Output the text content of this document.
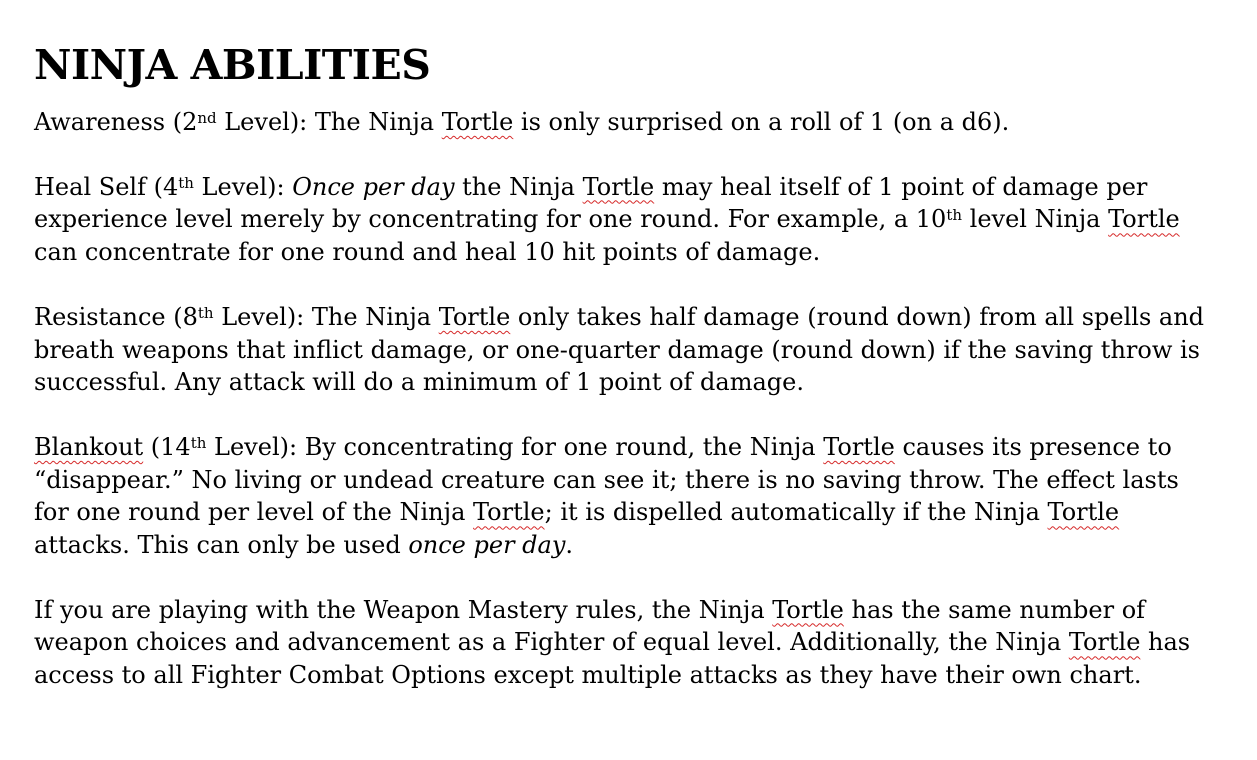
NINJA ABILITIES

Awareness (2nd Level): The Ninja Tortle is only surprised on a roll of 1 (on a d6).

Heal Self (4th Level): Once per day the Ninja Tortle may heal itself of 1 point of damage per experience level merely by concentrating for one round. For example, a 10th level Ninja Tortle can concentrate for one round and heal 10 hit points of damage.

Resistance (8th Level): The Ninja Tortle only takes half damage (round down) from all spells and breath weapons that inflict damage, or one-quarter damage (round down) if the saving throw is successful. Any attack will do a minimum of 1 point of damage.

Blankout (14th Level): By concentrating for one round, the Ninja Tortle causes its presence to “disappear.” No living or undead creature can see it; there is no saving throw. The effect lasts for one round per level of the Ninja Tortle; it is dispelled automatically if the Ninja Tortle attacks. This can only be used once per day.

If you are playing with the Weapon Mastery rules, the Ninja Tortle has the same number of weapon choices and advancement as a Fighter of equal level. Additionally, the Ninja Tortle has access to all Fighter Combat Options except multiple attacks as they have their own chart.
